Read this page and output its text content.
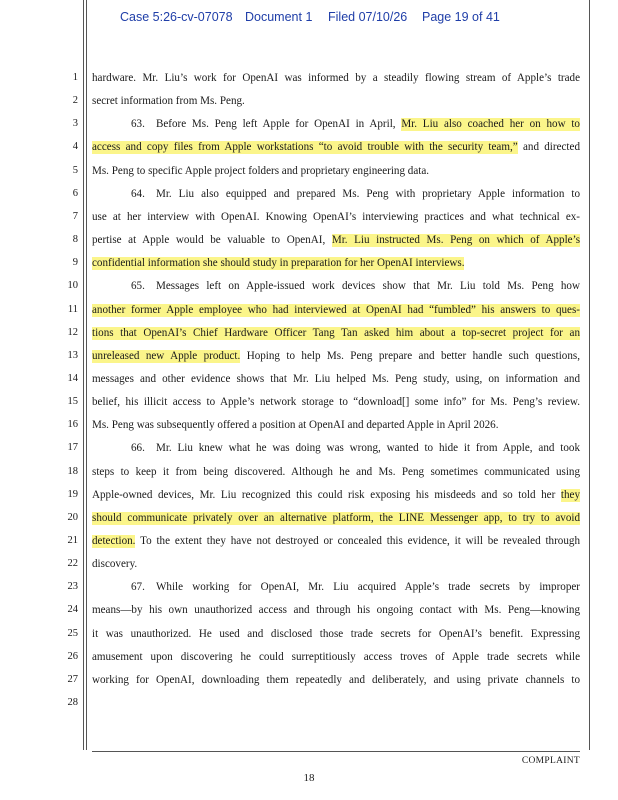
Case 5:26-cv-07078 Document 1 Filed 07/10/26 Page 19 of 41
1
2
3
4
5
6
7
8
9
10
11
12
13
14
15
16
17
18
19
20
21
22
23
24
25
26
27
28
hardware. Mr. Liu’s work for OpenAI was informed by a steadily flowing stream of Apple’s trade
secret information from Ms. Peng.
63. Before Ms. Peng left Apple for OpenAI in April, Mr. Liu also coached her on how to
access and copy files from Apple workstations “to avoid trouble with the security team,” and directed
Ms. Peng to specific Apple project folders and proprietary engineering data.
64. Mr. Liu also equipped and prepared Ms. Peng with proprietary Apple information to
use at her interview with OpenAI. Knowing OpenAI’s interviewing practices and what technical ex-
pertise at Apple would be valuable to OpenAI, Mr. Liu instructed Ms. Peng on which of Apple’s
confidential information she should study in preparation for her OpenAI interviews.
65. Messages left on Apple-issued work devices show that Mr. Liu told Ms. Peng how
another former Apple employee who had interviewed at OpenAI had “fumbled” his answers to ques-
tions that OpenAI’s Chief Hardware Officer Tang Tan asked him about a top-secret project for an
unreleased new Apple product. Hoping to help Ms. Peng prepare and better handle such questions,
messages and other evidence shows that Mr. Liu helped Ms. Peng study, using, on information and
belief, his illicit access to Apple’s network storage to “download[] some info” for Ms. Peng’s review.
Ms. Peng was subsequently offered a position at OpenAI and departed Apple in April 2026.
66. Mr. Liu knew what he was doing was wrong, wanted to hide it from Apple, and took
steps to keep it from being discovered. Although he and Ms. Peng sometimes communicated using
Apple-owned devices, Mr. Liu recognized this could risk exposing his misdeeds and so told her they
should communicate privately over an alternative platform, the LINE Messenger app, to try to avoid
detection. To the extent they have not destroyed or concealed this evidence, it will be revealed through
discovery.
67. While working for OpenAI, Mr. Liu acquired Apple’s trade secrets by improper
means—by his own unauthorized access and through his ongoing contact with Ms. Peng—knowing
it was unauthorized. He used and disclosed those trade secrets for OpenAI’s benefit. Expressing
amusement upon discovering he could surreptitiously access troves of Apple trade secrets while
working for OpenAI, downloading them repeatedly and deliberately, and using private channels to
COMPLAINT
18
